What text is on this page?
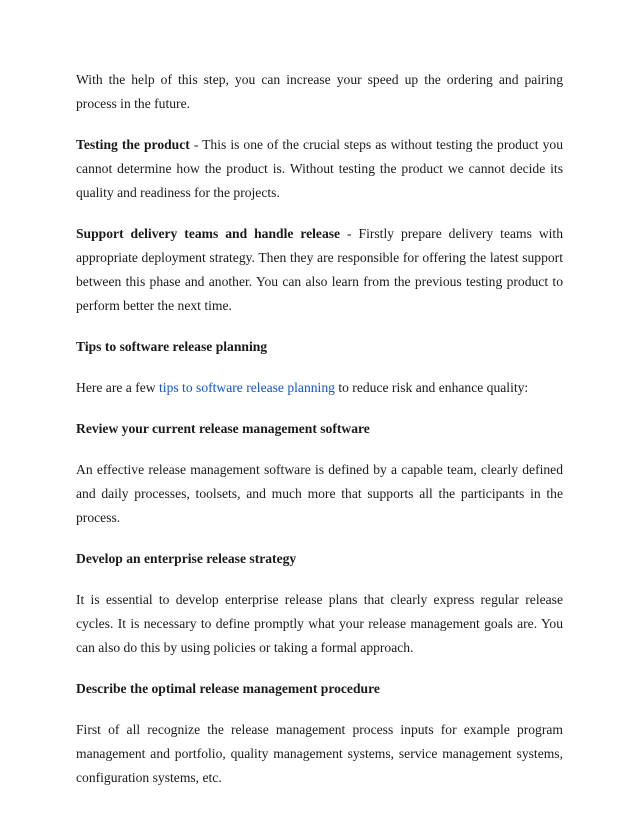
With the help of this step, you can increase your speed up the ordering and pairing process in the future.

Testing the product - This is one of the crucial steps as without testing the product you cannot determine how the product is. Without testing the product we cannot decide its quality and readiness for the projects.

Support delivery teams and handle release - Firstly prepare delivery teams with appropriate deployment strategy. Then they are responsible for offering the latest support between this phase and another. You can also learn from the previous testing product to perform better the next time.

Tips to software release planning

Here are a few tips to software release planning to reduce risk and enhance quality:

Review your current release management software

An effective release management software is defined by a capable team, clearly defined and daily processes, toolsets, and much more that supports all the participants in the process.

Develop an enterprise release strategy

It is essential to develop enterprise release plans that clearly express regular release cycles. It is necessary to define promptly what your release management goals are. You can also do this by using policies or taking a formal approach.

Describe the optimal release management procedure

First of all recognize the release management process inputs for example program management and portfolio, quality management systems, service management systems, configuration systems, etc.
